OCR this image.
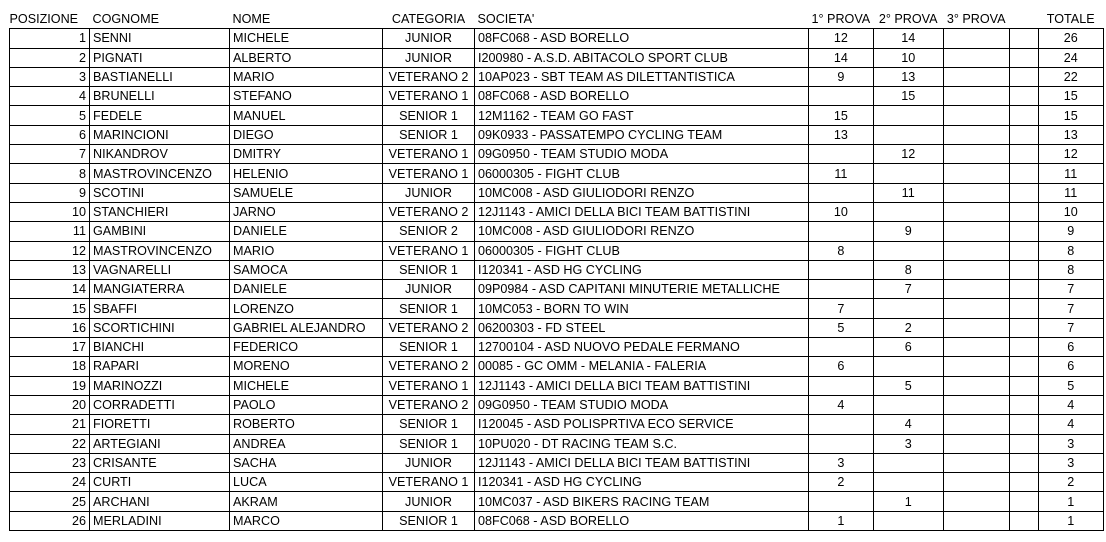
POSIZIONE	COGNOME	NOME	CATEGORIA	SOCIETA'	1° PROVA	2° PROVA	3° PROVA		TOTALE
1	SENNI	MICHELE	JUNIOR	08FC068 - ASD BORELLO	12	14			26
2	PIGNATI	ALBERTO	JUNIOR	I200980 - A.S.D. ABITACOLO SPORT CLUB	14	10			24
3	BASTIANELLI	MARIO	VETERANO 2	10AP023 - SBT TEAM AS DILETTANTISTICA	9	13			22
4	BRUNELLI	STEFANO	VETERANO 1	08FC068 - ASD BORELLO		15			15
5	FEDELE	MANUEL	SENIOR 1	12M1162 - TEAM GO FAST	15				15
6	MARINCIONI	DIEGO	SENIOR 1	09K0933 - PASSATEMPO CYCLING TEAM	13				13
7	NIKANDROV	DMITRY	VETERANO 1	09G0950 - TEAM STUDIO MODA		12			12
8	MASTROVINCENZO	HELENIO	VETERANO 1	06000305 - FIGHT CLUB	11				11
9	SCOTINI	SAMUELE	JUNIOR	10MC008 - ASD GIULIODORI RENZO		11			11
10	STANCHIERI	JARNO	VETERANO 2	12J1143 - AMICI DELLA BICI TEAM BATTISTINI	10				10
11	GAMBINI	DANIELE	SENIOR 2	10MC008 - ASD GIULIODORI RENZO		9			9
12	MASTROVINCENZO	MARIO	VETERANO 1	06000305 - FIGHT CLUB	8				8
13	VAGNARELLI	SAMOCA	SENIOR 1	I120341 - ASD HG CYCLING		8			8
14	MANGIATERRA	DANIELE	JUNIOR	09P0984 - ASD CAPITANI MINUTERIE METALLICHE		7			7
15	SBAFFI	LORENZO	SENIOR 1	10MC053 - BORN TO WIN	7				7
16	SCORTICHINI	GABRIEL ALEJANDRO	VETERANO 2	06200303 - FD STEEL	5	2			7
17	BIANCHI	FEDERICO	SENIOR 1	12700104 - ASD NUOVO PEDALE FERMANO		6			6
18	RAPARI	MORENO	VETERANO 2	00085 - GC OMM - MELANIA - FALERIA	6				6
19	MARINOZZI	MICHELE	VETERANO 1	12J1143 - AMICI DELLA BICI TEAM BATTISTINI		5			5
20	CORRADETTI	PAOLO	VETERANO 2	09G0950 - TEAM STUDIO MODA	4				4
21	FIORETTI	ROBERTO	SENIOR 1	I120045 - ASD POLISPRTIVA ECO SERVICE		4			4
22	ARTEGIANI	ANDREA	SENIOR 1	10PU020 - DT RACING TEAM S.C.		3			3
23	CRISANTE	SACHA	JUNIOR	12J1143 - AMICI DELLA BICI TEAM BATTISTINI	3				3
24	CURTI	LUCA	VETERANO 1	I120341 - ASD HG CYCLING	2				2
25	ARCHANI	AKRAM	JUNIOR	10MC037 - ASD BIKERS RACING TEAM		1			1
26	MERLADINI	MARCO	SENIOR 1	08FC068 - ASD BORELLO	1				1
